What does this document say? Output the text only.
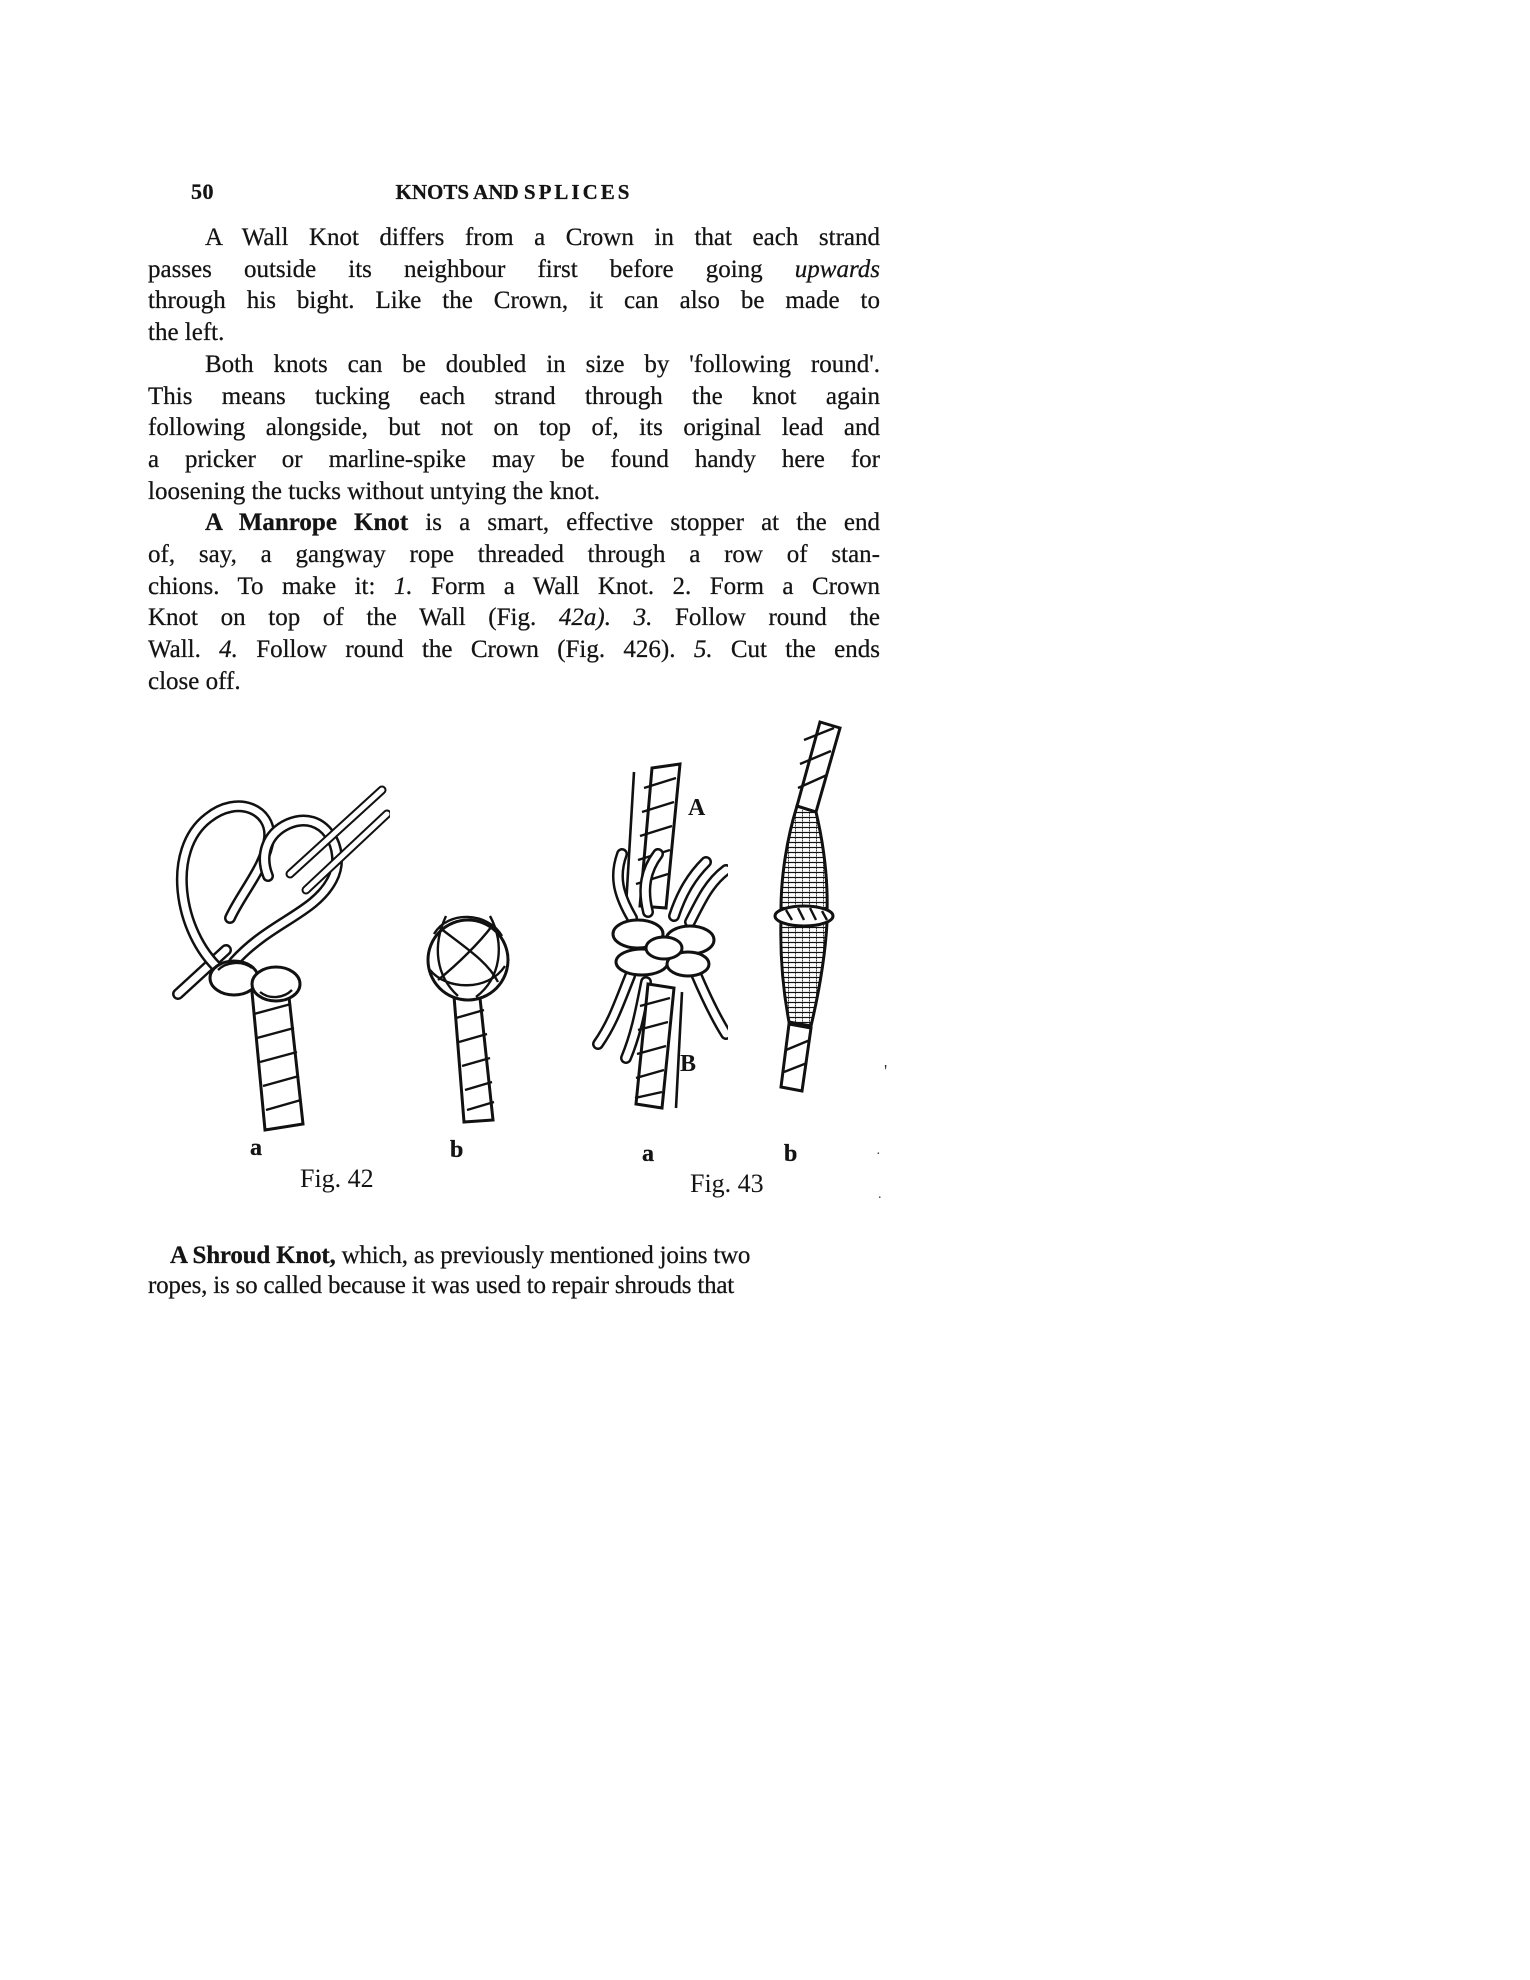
50	KNOTS AND SPLICES
A Wall Knot differs from a Crown in that each strand
passes outside its neighbour first before going upwards
through his bight. Like the Crown, it can also be made to
the left.
Both knots can be doubled in size by 'following round'.
This means tucking each strand through the knot again
following alongside, but not on top of, its original lead and
a pricker or marline-spike may be found handy here for
loosening the tucks without untying the knot.
A Manrope Knot is a smart, effective stopper at the end
of, say, a gangway rope threaded through a row of stan-
chions. To make it: 1. Form a Wall Knot. 2. Form a Crown
Knot on top of the Wall (Fig. 42a). 3. Follow round the
Wall. 4. Follow round the Crown (Fig. 426). 5. Cut the ends
close off.
A
B
a	b	a	b
Fig. 42	Fig. 43
'
·
.
A Shroud Knot, which, as previously mentioned joins two
ropes, is so called because it was used to repair shrouds that
